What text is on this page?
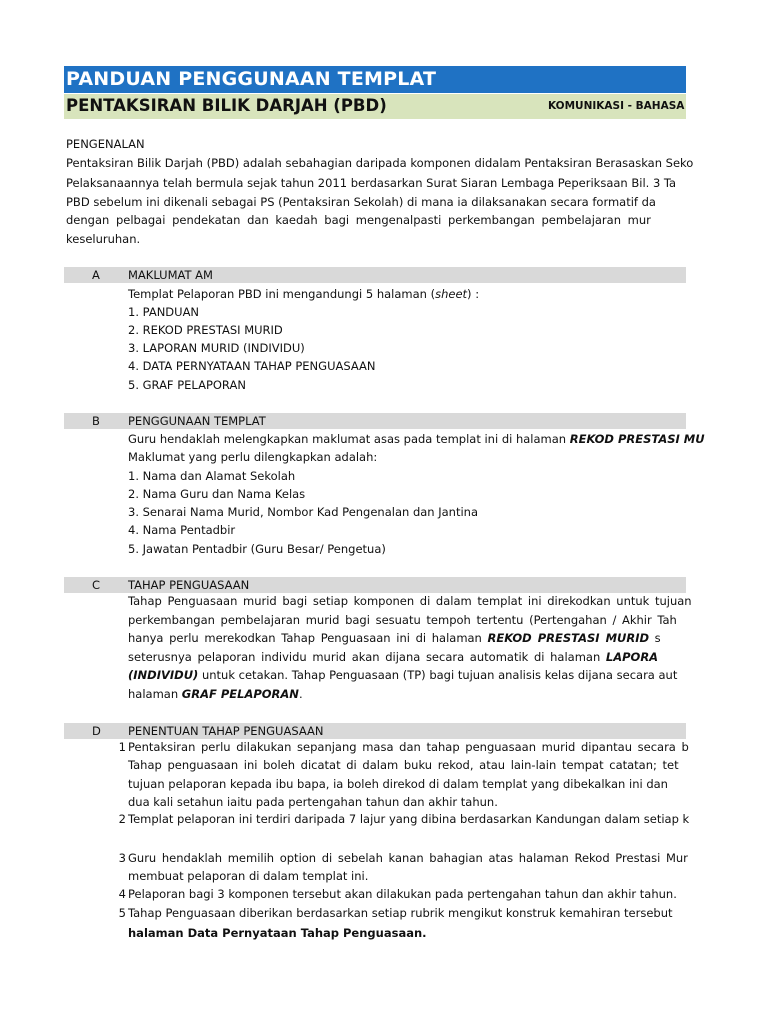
PANDUAN PENGGUNAAN TEMPLAT
PENTAKSIRAN BILIK DARJAH (PBD)	KOMUNIKASI - BAHASA
PENGENALAN
Pentaksiran Bilik Darjah (PBD) adalah sebahagian daripada komponen didalam Pentaksiran Berasaskan Seko
Pelaksanaannya telah bermula sejak tahun 2011 berdasarkan Surat Siaran Lembaga Peperiksaan Bil. 3 Ta
PBD sebelum ini dikenali sebagai PS (Pentaksiran Sekolah) di mana ia dilaksanakan secara formatif da
dengan pelbagai pendekatan dan kaedah bagi mengenalpasti perkembangan pembelajaran mur
keseluruhan.
A MAKLUMAT AM
Templat Pelaporan PBD ini mengandungi 5 halaman (sheet) :
1. PANDUAN
2. REKOD PRESTASI MURID
3. LAPORAN MURID (INDIVIDU)
4. DATA PERNYATAAN TAHAP PENGUASAAN
5. GRAF PELAPORAN
B PENGGUNAAN TEMPLAT
Guru hendaklah melengkapkan maklumat asas pada templat ini di halaman REKOD PRESTASI MU
Maklumat yang perlu dilengkapkan adalah:
1. Nama dan Alamat Sekolah
2. Nama Guru dan Nama Kelas
3. Senarai Nama Murid, Nombor Kad Pengenalan dan Jantina
4. Nama Pentadbir
5. Jawatan Pentadbir (Guru Besar/ Pengetua)
C TAHAP PENGUASAAN
Tahap Penguasaan murid bagi setiap komponen di dalam templat ini direkodkan untuk tujuan
perkembangan pembelajaran murid bagi sesuatu tempoh tertentu (Pertengahan / Akhir Tah
hanya perlu merekodkan Tahap Penguasaan ini di halaman REKOD PRESTASI MURID s
seterusnya pelaporan individu murid akan dijana secara automatik di halaman LAPORA
(INDIVIDU) untuk cetakan. Tahap Penguasaan (TP) bagi tujuan analisis kelas dijana secara aut
halaman GRAF PELAPORAN.
D PENENTUAN TAHAP PENGUASAAN
1 Pentaksiran perlu dilakukan sepanjang masa dan tahap penguasaan murid dipantau secara b
Tahap penguasaan ini boleh dicatat di dalam buku rekod, atau lain-lain tempat catatan; tet
tujuan pelaporan kepada ibu bapa, ia boleh direkod di dalam templat yang dibekalkan ini dan
dua kali setahun iaitu pada pertengahan tahun dan akhir tahun.
2 Templat pelaporan ini terdiri daripada 7 lajur yang dibina berdasarkan Kandungan dalam setiap k
3 Guru hendaklah memilih option di sebelah kanan bahagian atas halaman Rekod Prestasi Mur
membuat pelaporan di dalam templat ini.
4 Pelaporan bagi 3 komponen tersebut akan dilakukan pada pertengahan tahun dan akhir tahun.
5 Tahap Penguasaan diberikan berdasarkan setiap rubrik mengikut konstruk kemahiran tersebut
halaman Data Pernyataan Tahap Penguasaan.
